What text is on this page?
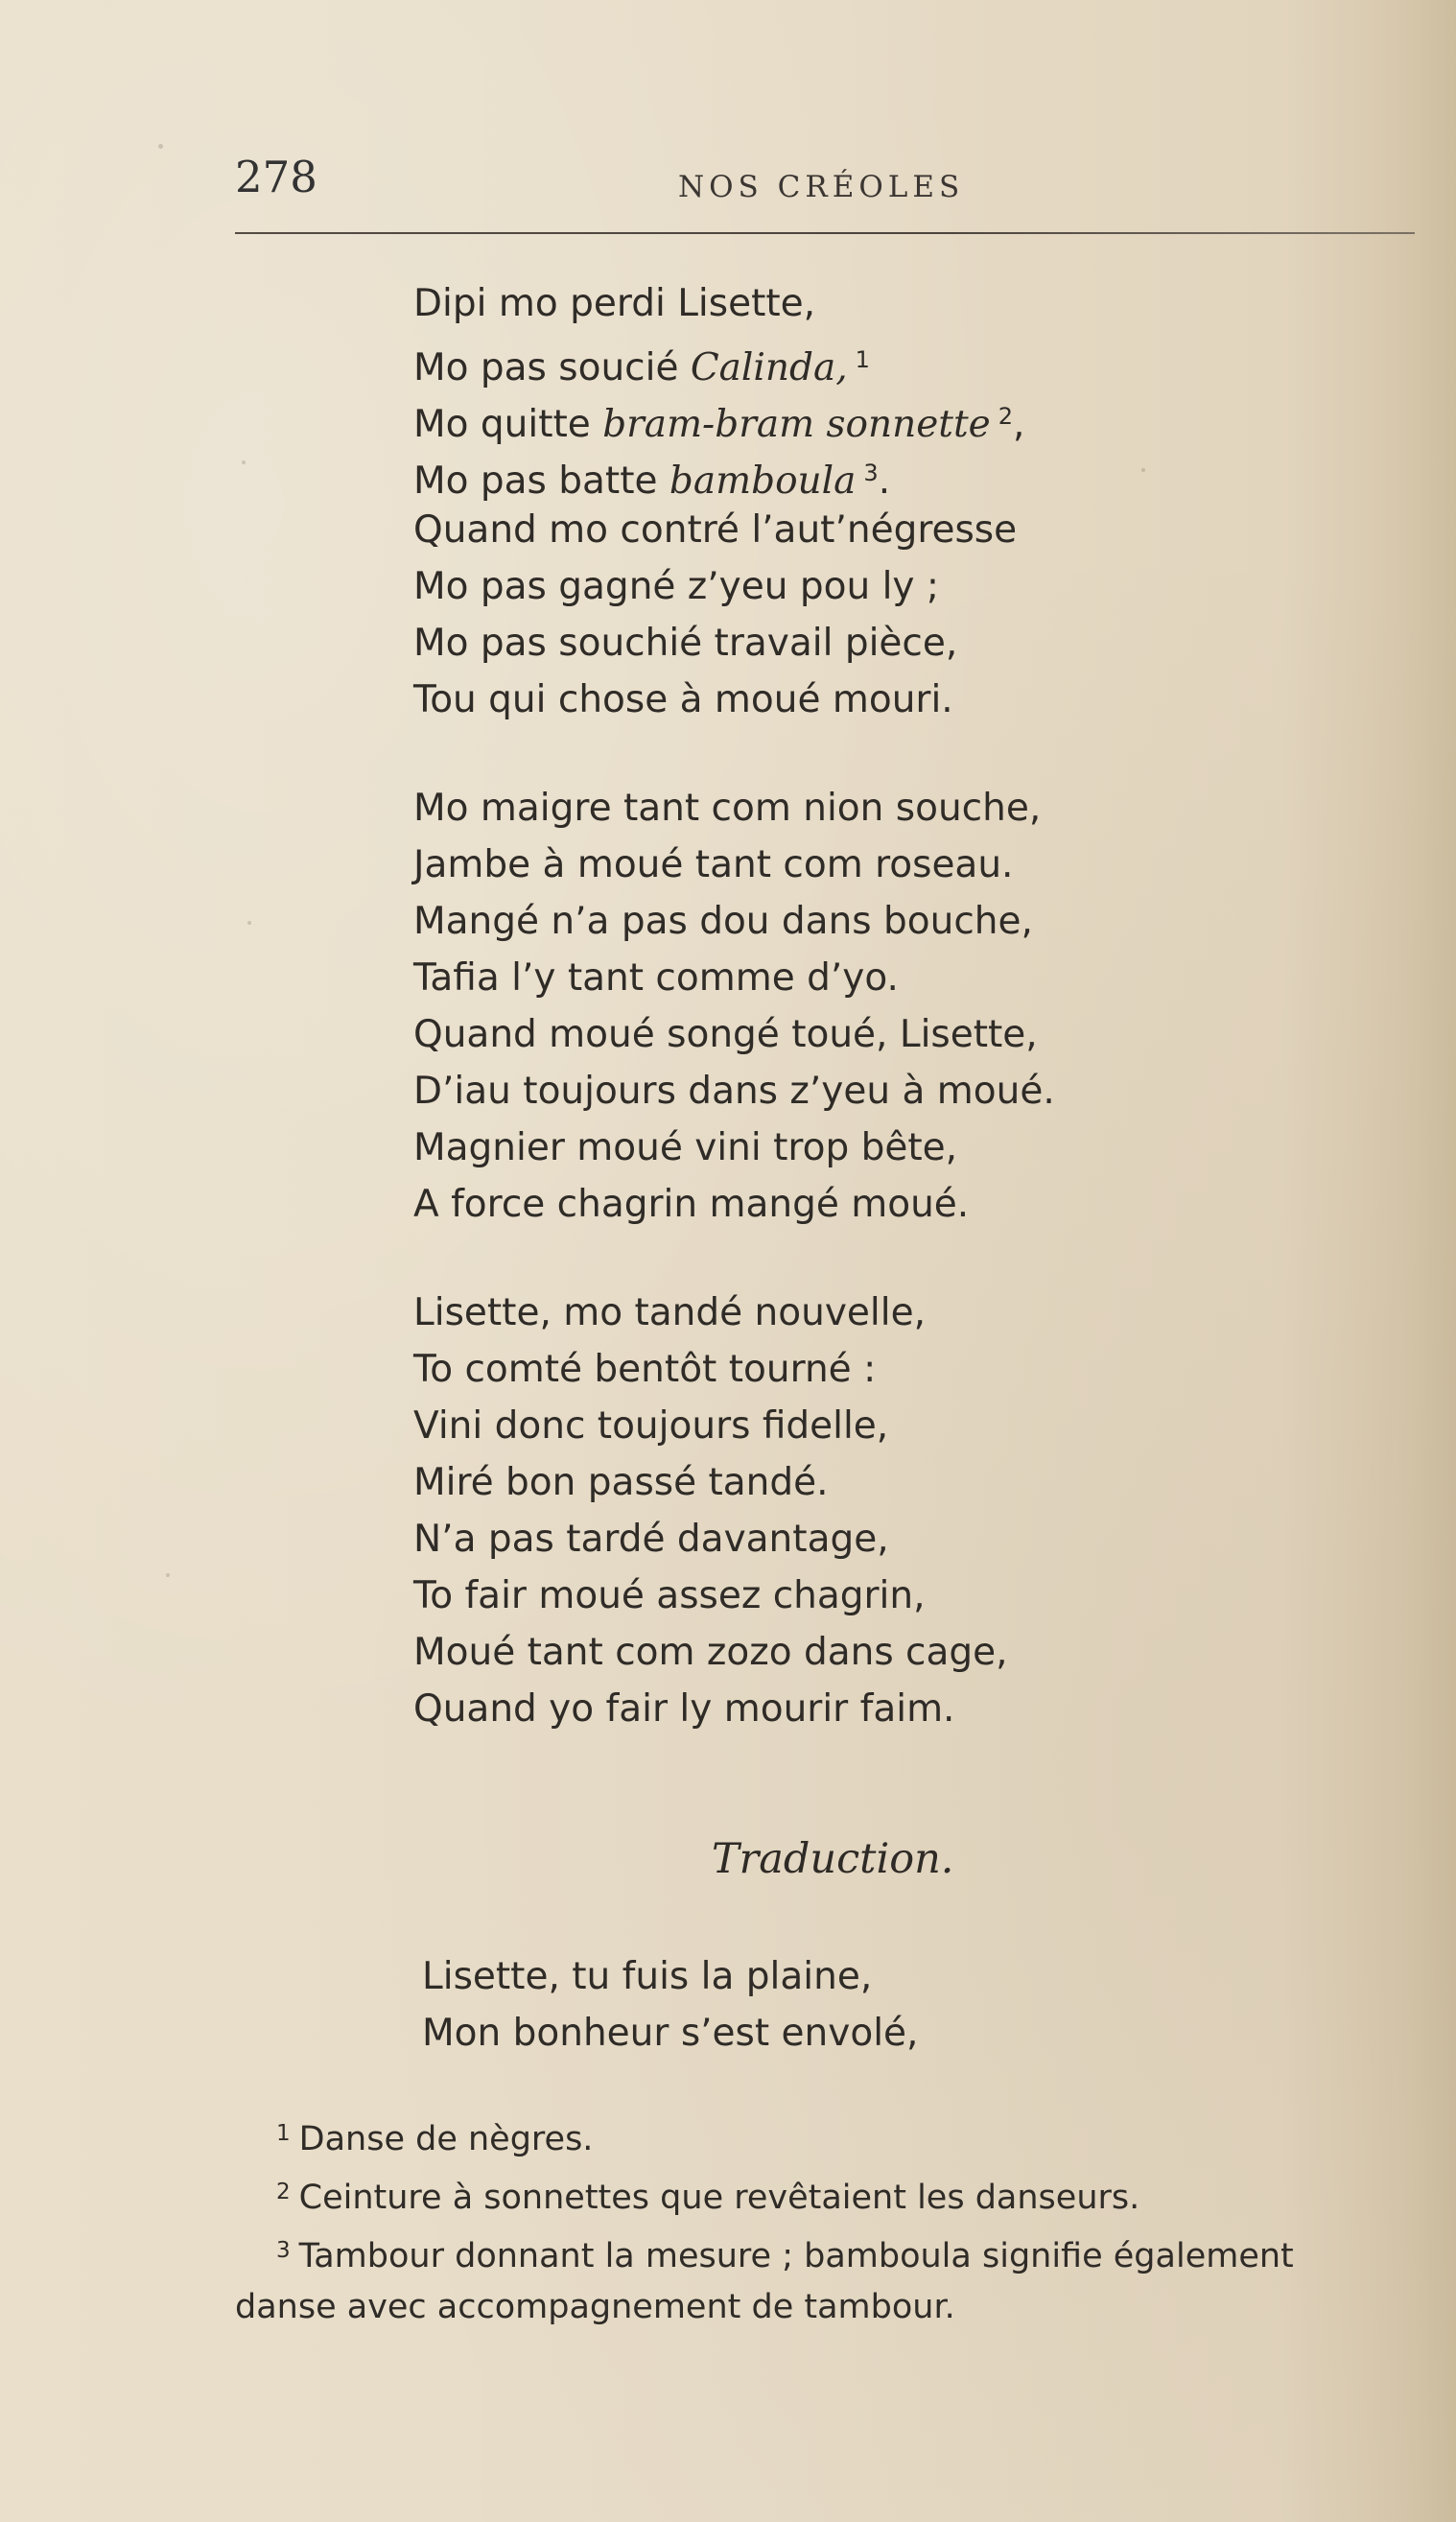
278	NOS CRÉOLES
Dipi mo perdi Lisette,
Mo pas soucié Calinda, $^1$
Mo quitte bram-bram sonnette $^2$,
Mo pas batte bamboula $^3$.
Quand mo contré l’aut’négresse
Mo pas gagné z’yeu pou ly ;
Mo pas souchié travail pièce,
Tou qui chose à moué mouri.
Mo maigre tant com nion souche,
Jambe à moué tant com roseau.
Mangé n’a pas dou dans bouche,
Tafia l’y tant comme d’yo.
Quand moué songé toué, Lisette,
D’iau toujours dans z’yeu à moué.
Magnier moué vini trop bête,
A force chagrin mangé moué.
Lisette, mo tandé nouvelle,
To comté bentôt tourné :
Vini donc toujours fidelle,
Miré bon passé tandé.
N’a pas tardé davantage,
To fair moué assez chagrin,
Moué tant com zozo dans cage,
Quand yo fair ly mourir faim.
Traduction.
Lisette, tu fuis la plaine,
Mon bonheur s’est envolé,

$^1$ Danse de nègres.

$^2$ Ceinture à sonnettes que revêtaient les danseurs.

$^3$ Tambour donnant la mesure ; bamboula signifie également

danse avec accompagnement de tambour.
